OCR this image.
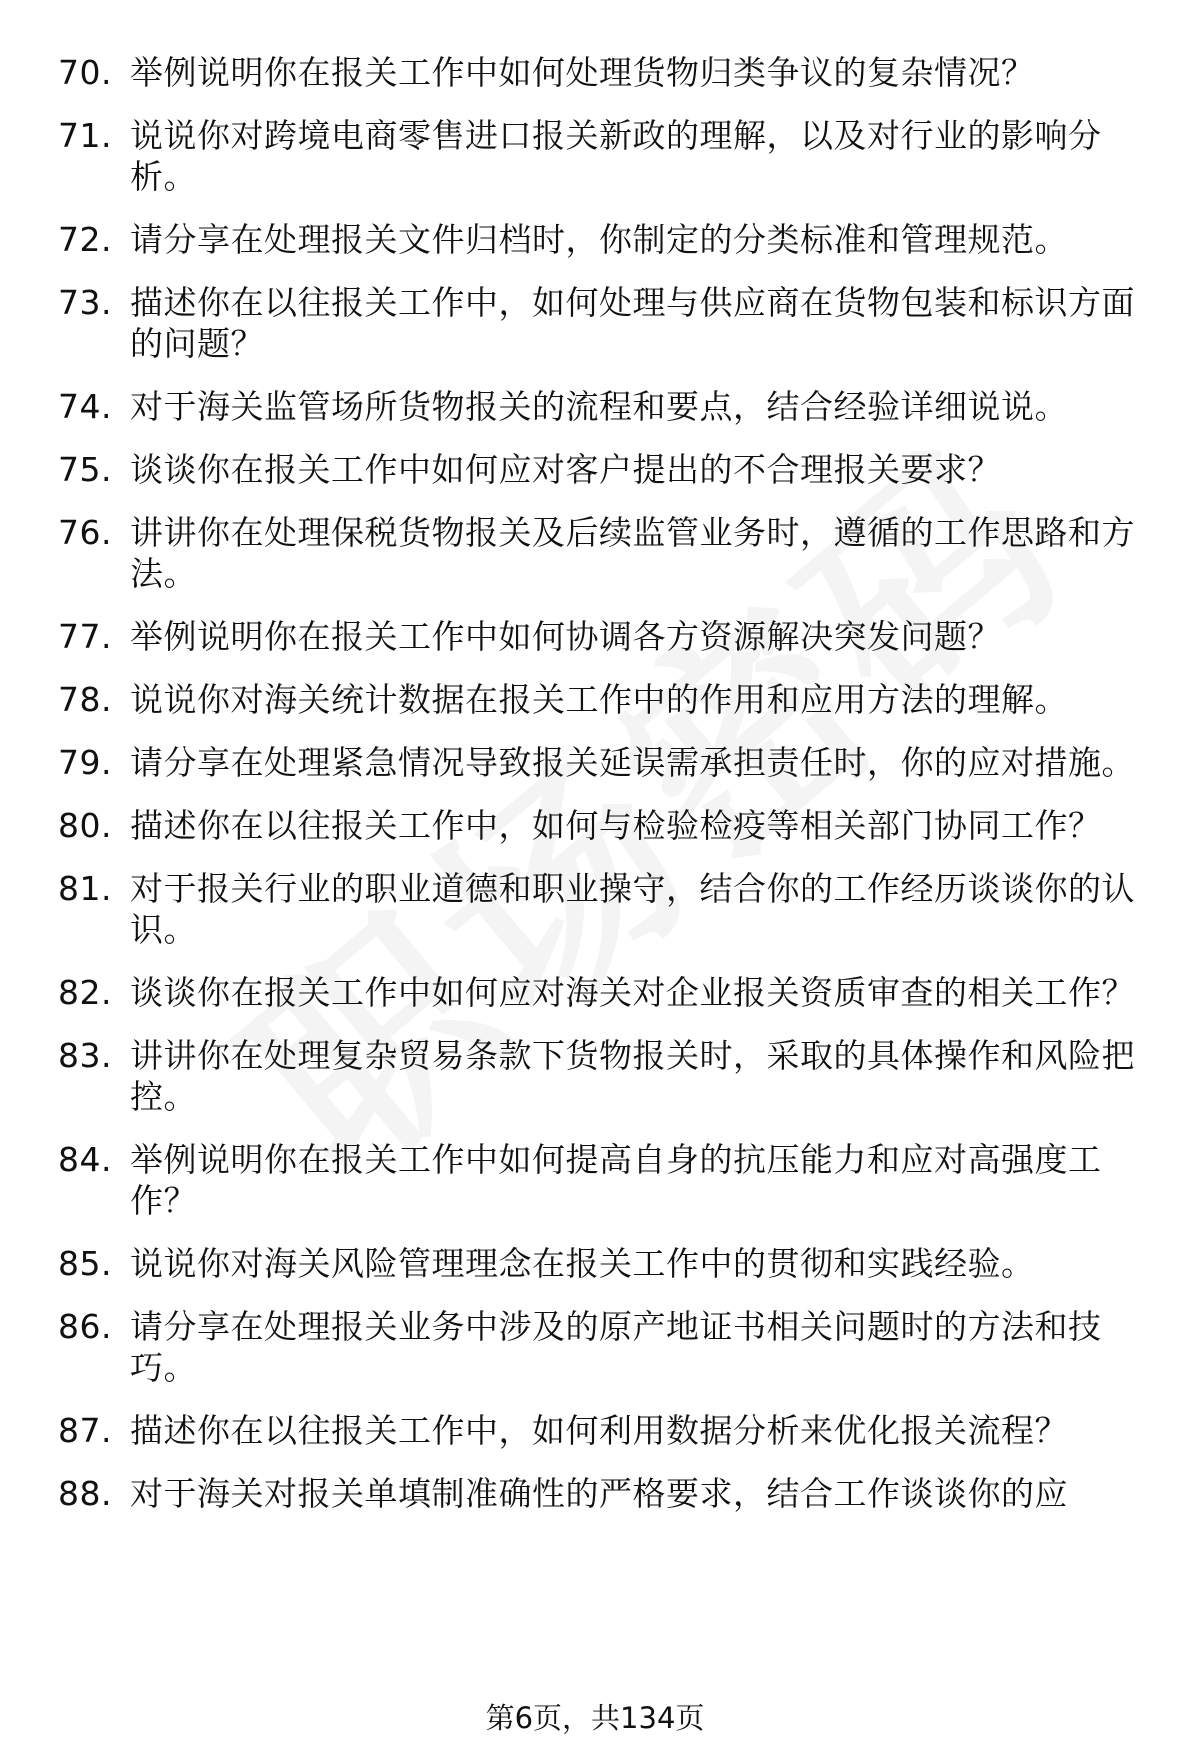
70. 举例说明你在报关工作中如何处理货物归类争议的复杂情况？
71. 说说你对跨境电商零售进口报关新政的理解，以及对行业的影响分析。
72. 请分享在处理报关文件归档时，你制定的分类标准和管理规范。
73. 描述你在以往报关工作中，如何处理与供应商在货物包装和标识方面的问题？
74. 对于海关监管场所货物报关的流程和要点，结合经验详细说说。
75. 谈谈你在报关工作中如何应对客户提出的不合理报关要求？
76. 讲讲你在处理保税货物报关及后续监管业务时，遵循的工作思路和方法。
77. 举例说明你在报关工作中如何协调各方资源解决突发问题？
78. 说说你对海关统计数据在报关工作中的作用和应用方法的理解。
79. 请分享在处理紧急情况导致报关延误需承担责任时，你的应对措施。
80. 描述你在以往报关工作中，如何与检验检疫等相关部门协同工作？
81. 对于报关行业的职业道德和职业操守，结合你的工作经历谈谈你的认识。
82. 谈谈你在报关工作中如何应对海关对企业报关资质审查的相关工作？
83. 讲讲你在处理复杂贸易条款下货物报关时，采取的具体操作和风险把控。
84. 举例说明你在报关工作中如何提高自身的抗压能力和应对高强度工作？
85. 说说你对海关风险管理理念在报关工作中的贯彻和实践经验。
86. 请分享在处理报关业务中涉及的原产地证书相关问题时的方法和技巧。
87. 描述你在以往报关工作中，如何利用数据分析来优化报关流程？
88. 对于海关对报关单填制准确性的严格要求，结合工作谈谈你的应
第6页，共134页
